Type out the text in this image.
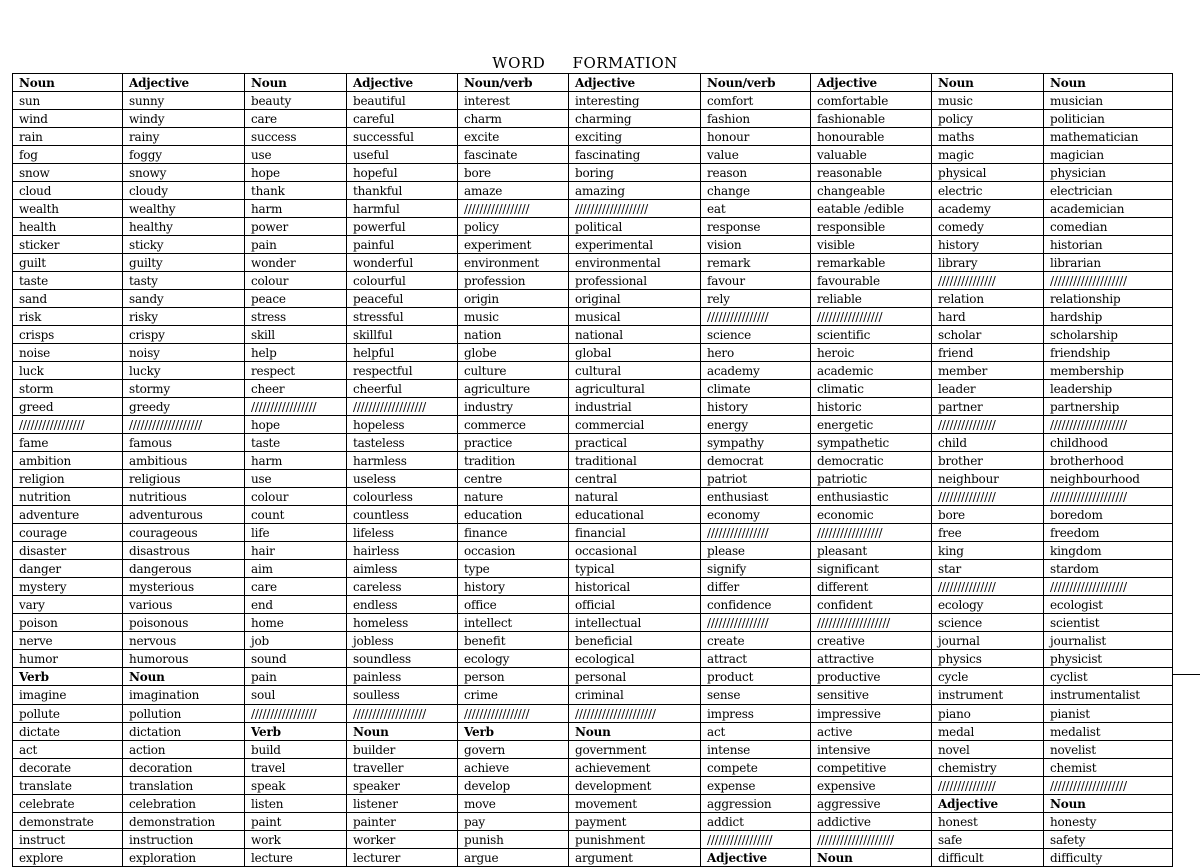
WORD FORMATION
Noun	Adjective	Noun	Adjective	Noun/verb	Adjective	Noun/verb	Adjective	Noun	Noun
sun	sunny	beauty	beautiful	interest	interesting	comfort	comfortable	music	musician
wind	windy	care	careful	charm	charming	fashion	fashionable	policy	politician
rain	rainy	success	successful	excite	exciting	honour	honourable	maths	mathematician
fog	foggy	use	useful	fascinate	fascinating	value	valuable	magic	magician
snow	snowy	hope	hopeful	bore	boring	reason	reasonable	physical	physician
cloud	cloudy	thank	thankful	amaze	amazing	change	changeable	electric	electrician
wealth	wealthy	harm	harmful	/////////////////	///////////////////	eat	eatable /edible	academy	academician
health	healthy	power	powerful	policy	political	response	responsible	comedy	comedian
sticker	sticky	pain	painful	experiment	experimental	vision	visible	history	historian
guilt	guilty	wonder	wonderful	environment	environmental	remark	remarkable	library	librarian
taste	tasty	colour	colourful	profession	professional	favour	favourable	///////////////	////////////////////
sand	sandy	peace	peaceful	origin	original	rely	reliable	relation	relationship
risk	risky	stress	stressful	music	musical	////////////////	/////////////////	hard	hardship
crisps	crispy	skill	skillful	nation	national	science	scientific	scholar	scholarship
noise	noisy	help	helpful	globe	global	hero	heroic	friend	friendship
luck	lucky	respect	respectful	culture	cultural	academy	academic	member	membership
storm	stormy	cheer	cheerful	agriculture	agricultural	climate	climatic	leader	leadership
greed	greedy	/////////////////	///////////////////	industry	industrial	history	historic	partner	partnership
/////////////////	///////////////////	hope	hopeless	commerce	commercial	energy	energetic	///////////////	////////////////////
fame	famous	taste	tasteless	practice	practical	sympathy	sympathetic	child	childhood
ambition	ambitious	harm	harmless	tradition	traditional	democrat	democratic	brother	brotherhood
religion	religious	use	useless	centre	central	patriot	patriotic	neighbour	neighbourhood
nutrition	nutritious	colour	colourless	nature	natural	enthusiast	enthusiastic	///////////////	////////////////////
adventure	adventurous	count	countless	education	educational	economy	economic	bore	boredom
courage	courageous	life	lifeless	finance	financial	////////////////	/////////////////	free	freedom
disaster	disastrous	hair	hairless	occasion	occasional	please	pleasant	king	kingdom
danger	dangerous	aim	aimless	type	typical	signify	significant	star	stardom
mystery	mysterious	care	careless	history	historical	differ	different	///////////////	////////////////////
vary	various	end	endless	office	official	confidence	confident	ecology	ecologist
poison	poisonous	home	homeless	intellect	intellectual	////////////////	///////////////////	science	scientist
nerve	nervous	job	jobless	benefit	beneficial	create	creative	journal	journalist
humor	humorous	sound	soundless	ecology	ecological	attract	attractive	physics	physicist
Verb	Noun	pain	painless	person	personal	product	productive	cycle	cyclist
imagine	imagination	soul	soulless	crime	criminal	sense	sensitive	instrument	instrumentalist
pollute	pollution	/////////////////	///////////////////	/////////////////	/////////////////////	impress	impressive	piano	pianist
dictate	dictation	Verb	Noun	Verb	Noun	act	active	medal	medalist
act	action	build	builder	govern	government	intense	intensive	novel	novelist
decorate	decoration	travel	traveller	achieve	achievement	compete	competitive	chemistry	chemist
translate	translation	speak	speaker	develop	development	expense	expensive	///////////////	////////////////////
celebrate	celebration	listen	listener	move	movement	aggression	aggressive	Adjective	Noun
demonstrate	demonstration	paint	painter	pay	payment	addict	addictive	honest	honesty
instruct	instruction	work	worker	punish	punishment	/////////////////	////////////////////	safe	safety
explore	exploration	lecture	lecturer	argue	argument	Adjective	Noun	difficult	difficulty
